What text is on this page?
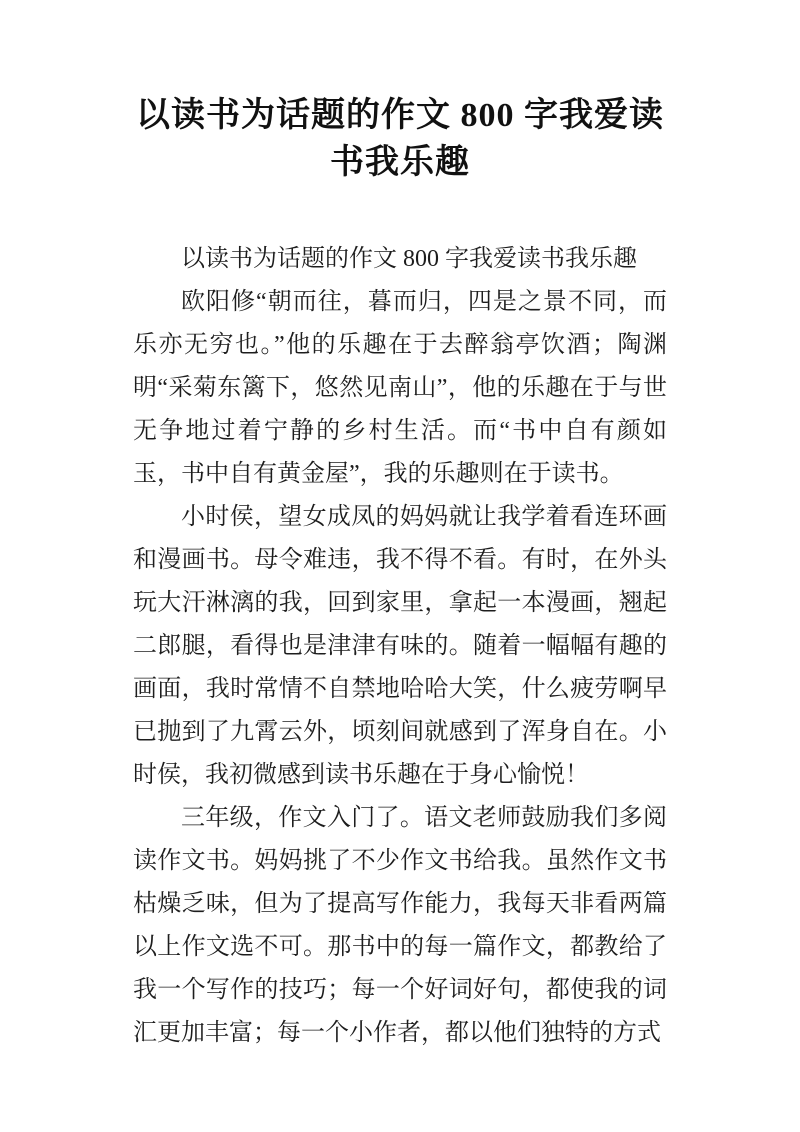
以读书为话题的作文 800 字我爱读书我乐趣

以读书为话题的作文 800 字我爱读书我乐趣

欧阳修“朝而往，暮而归，四是之景不同，而乐亦无穷也。”他的乐趣在于去醉翁亭饮酒；陶渊明“采菊东篱下，悠然见南山”，他的乐趣在于与世无争地过着宁静的乡村生活。而“书中自有颜如玉，书中自有黄金屋”，我的乐趣则在于读书。

小时侯，望女成凤的妈妈就让我学着看连环画和漫画书。母令难违，我不得不看。有时，在外头玩大汗淋漓的我，回到家里，拿起一本漫画，翘起二郎腿，看得也是津津有味的。随着一幅幅有趣的画面，我时常情不自禁地哈哈大笑，什么疲劳啊早已抛到了九霄云外，顷刻间就感到了浑身自在。小时侯，我初微感到读书乐趣在于身心愉悦！

三年级，作文入门了。语文老师鼓励我们多阅读作文书。妈妈挑了不少作文书给我。虽然作文书枯燥乏味，但为了提高写作能力，我每天非看两篇以上作文选不可。那书中的每一篇作文，都教给了我一个写作的技巧；每一个好词好句，都使我的词汇更加丰富；每一个小作者，都以他们独特的方式
